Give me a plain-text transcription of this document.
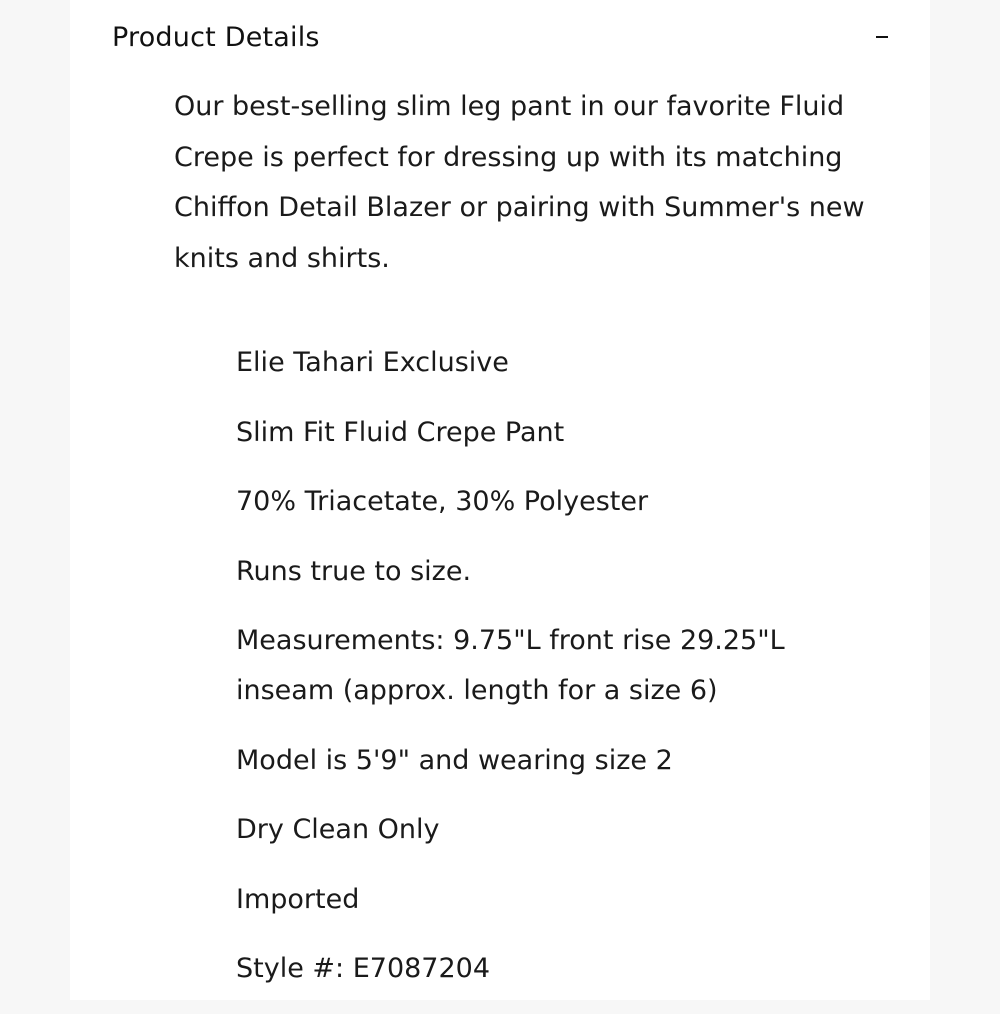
Product Details

Our best-selling slim leg pant in our favorite Fluid Crepe is perfect for dressing up with its matching Chiffon Detail Blazer or pairing with Summer's new knits and shirts.

Elie Tahari Exclusive
Slim Fit Fluid Crepe Pant
70% Triacetate, 30% Polyester
Runs true to size.
Measurements: 9.75"L front rise 29.25"L inseam (approx. length for a size 6)
Model is 5'9" and wearing size 2
Dry Clean Only
Imported
Style #: E7087204
